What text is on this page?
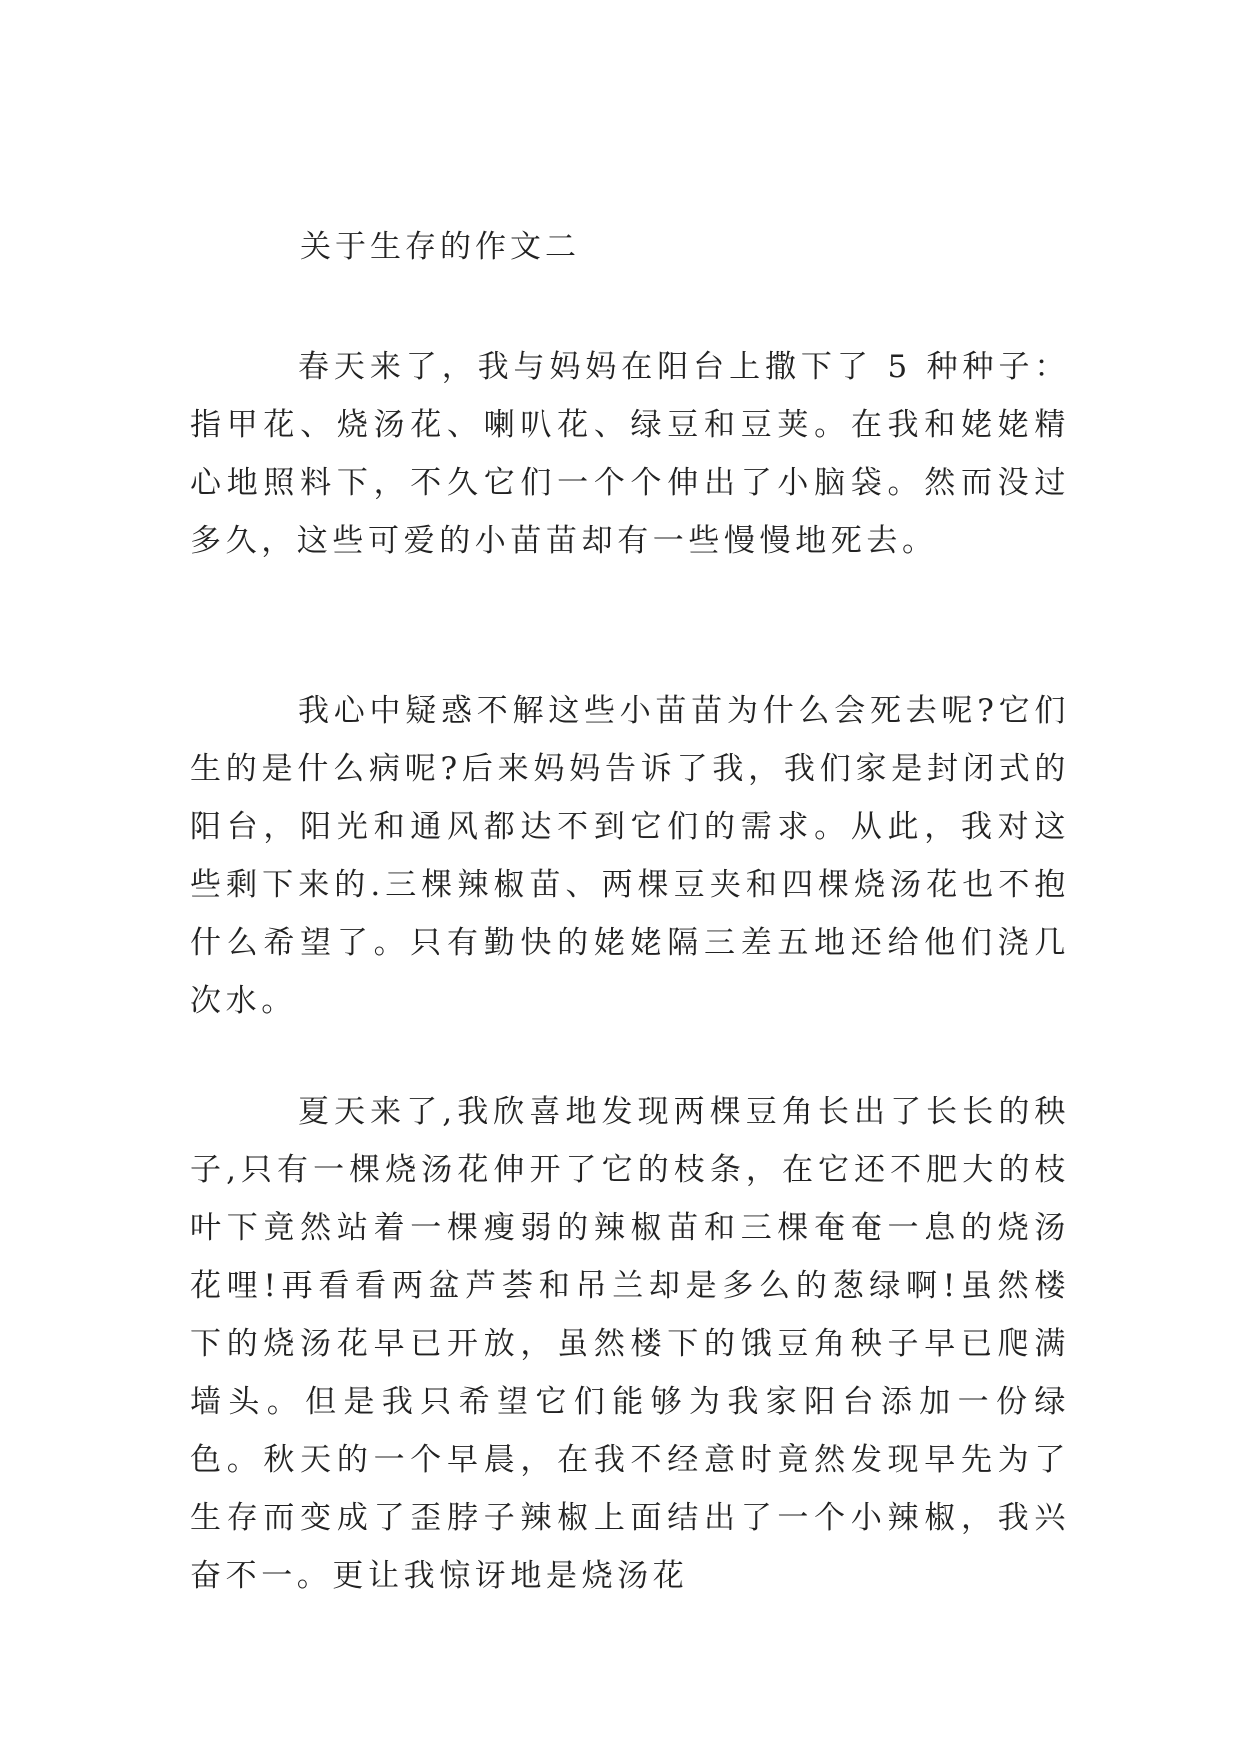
关于生存的作文二

春天来了，我与妈妈在阳台上撒下了 5 种种子：指甲花、烧汤花、喇叭花、绿豆和豆荚。在我和姥姥精心地照料下，不久它们一个个伸出了小脑袋。然而没过多久，这些可爱的小苗苗却有一些慢慢地死去。

我心中疑惑不解这些小苗苗为什么会死去呢?它们生的是什么病呢?后来妈妈告诉了我，我们家是封闭式的阳台，阳光和通风都达不到它们的需求。从此，我对这些剩下来的.三棵辣椒苗、两棵豆夹和四棵烧汤花也不抱什么希望了。只有勤快的姥姥隔三差五地还给他们浇几次水。

夏天来了,我欣喜地发现两棵豆角长出了长长的秧子,只有一棵烧汤花伸开了它的枝条，在它还不肥大的枝叶下竟然站着一棵瘦弱的辣椒苗和三棵奄奄一息的烧汤花哩!再看看两盆芦荟和吊兰却是多么的葱绿啊!虽然楼下的烧汤花早已开放，虽然楼下的饿豆角秧子早已爬满墙头。但是我只希望它们能够为我家阳台添加一份绿色。秋天的一个早晨，在我不经意时竟然发现早先为了生存而变成了歪脖子辣椒上面结出了一个小辣椒，我兴奋不一。更让我惊讶地是烧汤花
